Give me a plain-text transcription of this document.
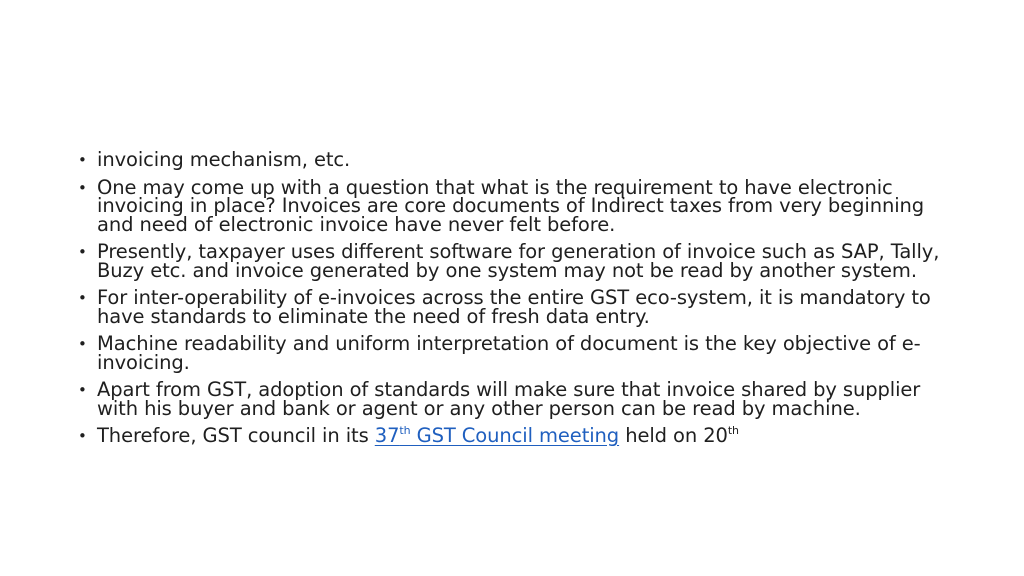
• invoicing mechanism, etc.
• One may come up with a question that what is the requirement to have electronic invoicing in place? Invoices are core documents of Indirect taxes from very beginning and need of electronic invoice have never felt before.
• Presently, taxpayer uses different software for generation of invoice such as SAP, Tally, Buzy etc. and invoice generated by one system may not be read by another system.
• For inter-operability of e-invoices across the entire GST eco-system, it is mandatory to have standards to eliminate the need of fresh data entry.
• Machine readability and uniform interpretation of document is the key objective of e-invoicing.
• Apart from GST, adoption of standards will make sure that invoice shared by supplier with his buyer and bank or agent or any other person can be read by machine.
• Therefore, GST council in its 37th GST Council meeting held on 20th
